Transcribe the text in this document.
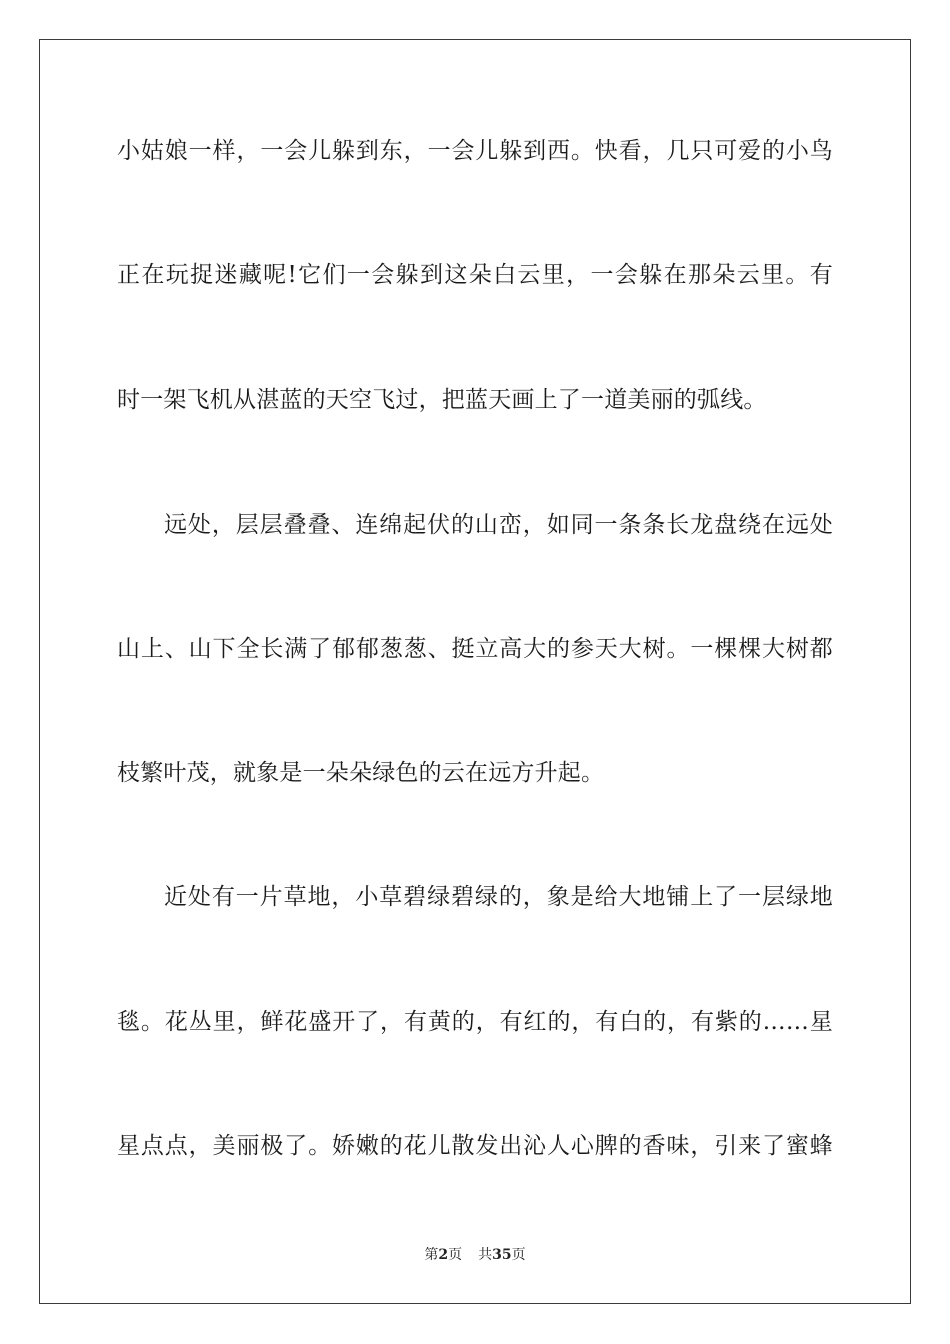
小姑娘一样，一会儿躲到东，一会儿躲到西。快看，几只可爱的小鸟
正在玩捉迷藏呢!它们一会躲到这朵白云里，一会躲在那朵云里。有
时一架飞机从湛蓝的天空飞过，把蓝天画上了一道美丽的弧线。
远处，层层叠叠、连绵起伏的山峦，如同一条条长龙盘绕在远处
山上、山下全长满了郁郁葱葱、挺立高大的参天大树。一棵棵大树都
枝繁叶茂，就象是一朵朵绿色的云在远方升起。
近处有一片草地，小草碧绿碧绿的，象是给大地铺上了一层绿地
毯。花丛里，鲜花盛开了，有黄的，有红的，有白的，有紫的……星
星点点，美丽极了。娇嫩的花儿散发出沁人心脾的香味，引来了蜜蜂
第2页 共35页
